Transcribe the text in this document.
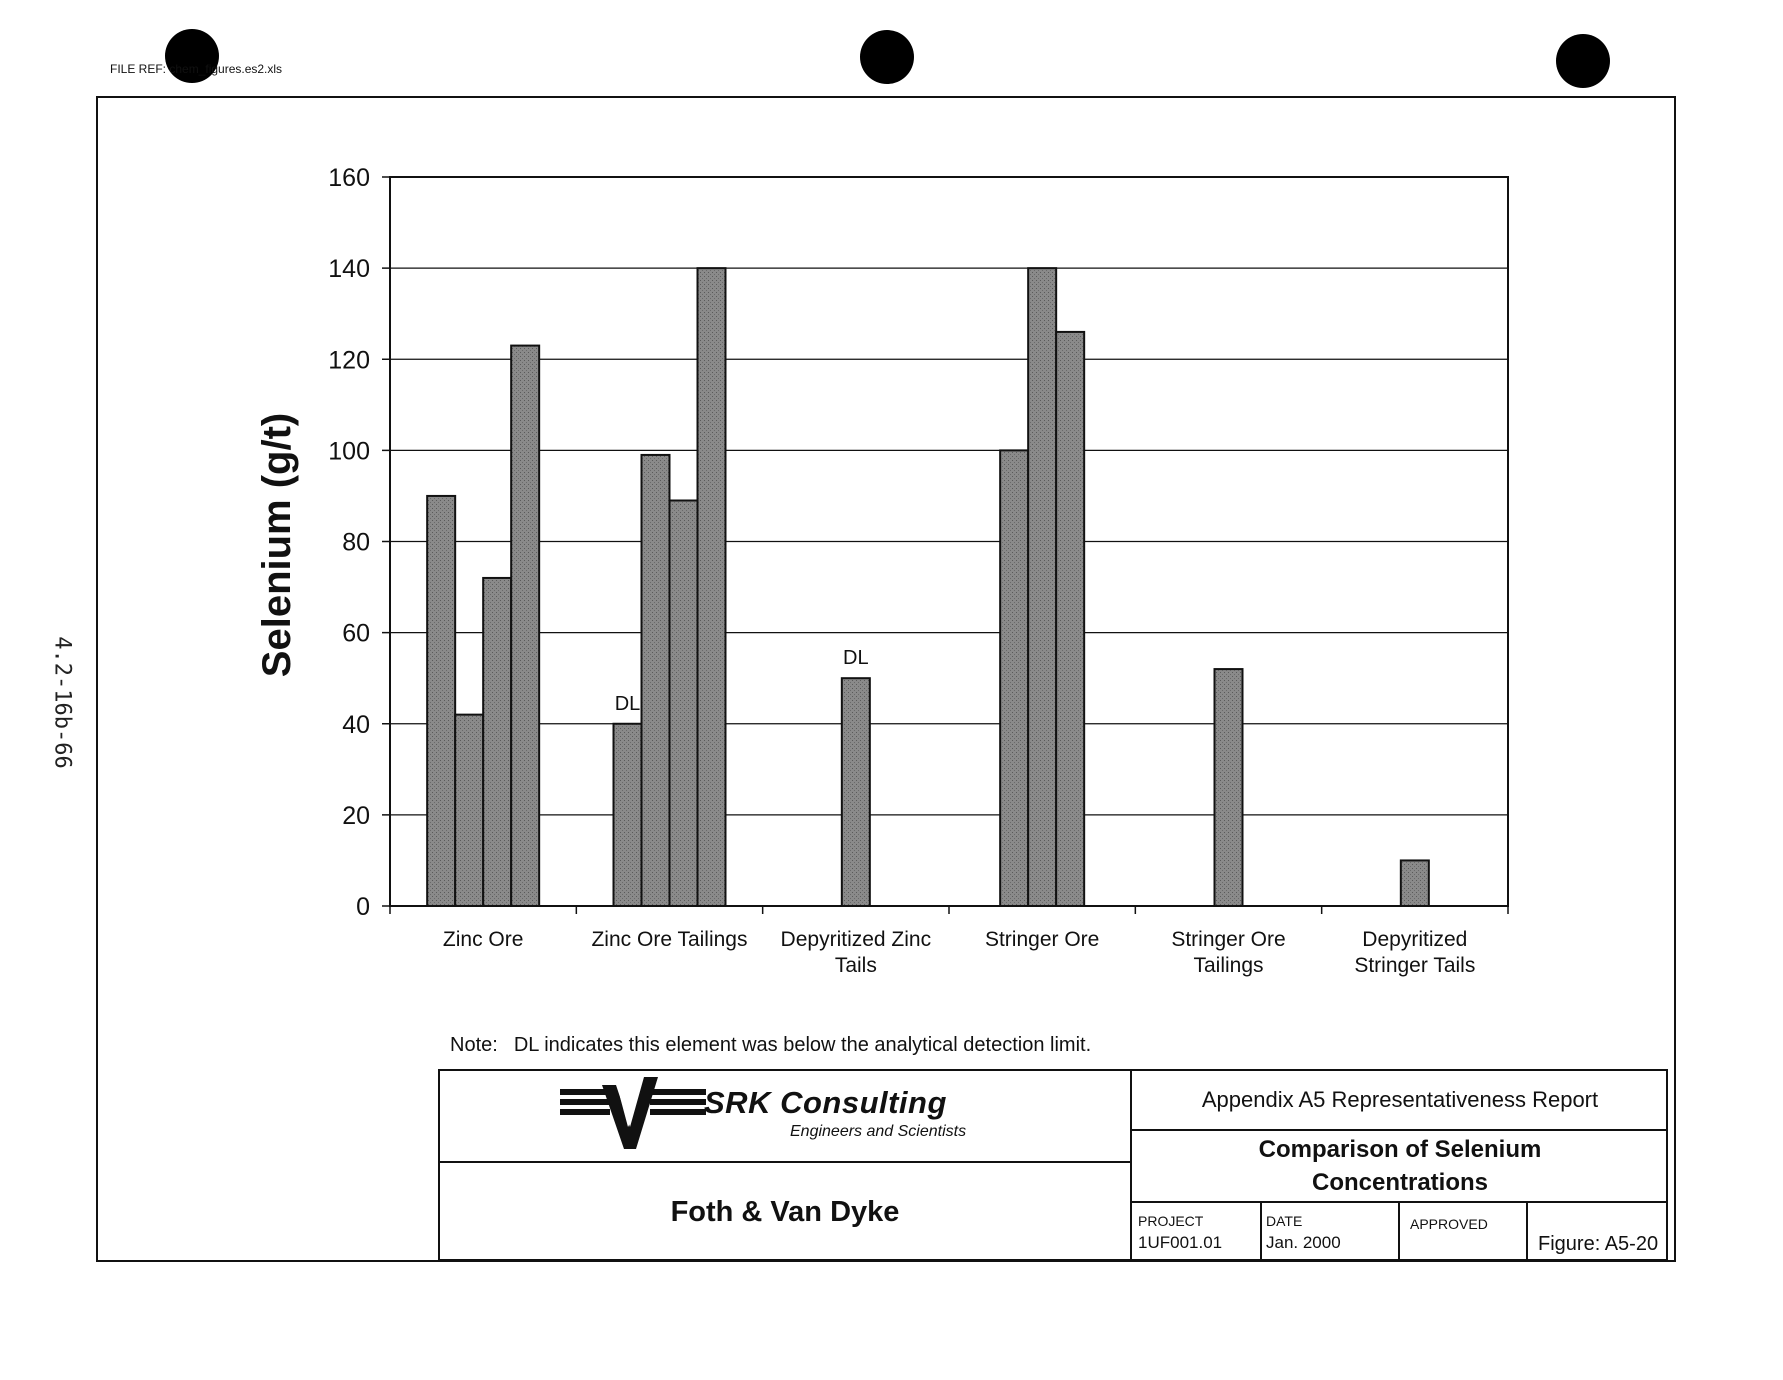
FILE REF: chem_figures.es2.xls
4.2-16b-66	DL
DL
0
20
40
60
80
100
120
140
160
Zinc Ore	Zinc Ore Tailings Depyritized Zinc
Tails
Stringer Ore	Stringer Ore
Tailings
Depyritized
Stringer Tails
Selenium (g/t)
Note: DL indicates this element was below the analytical detection limit.
SRK Consulting
Engineers and Scientists
Foth & Van Dyke
Appendix A5 Representativeness Report
Comparison of Selenium
Concentrations
PROJECT
1UF001.01
DATE
Jan. 2000
APPROVED
Figure: A5-20
